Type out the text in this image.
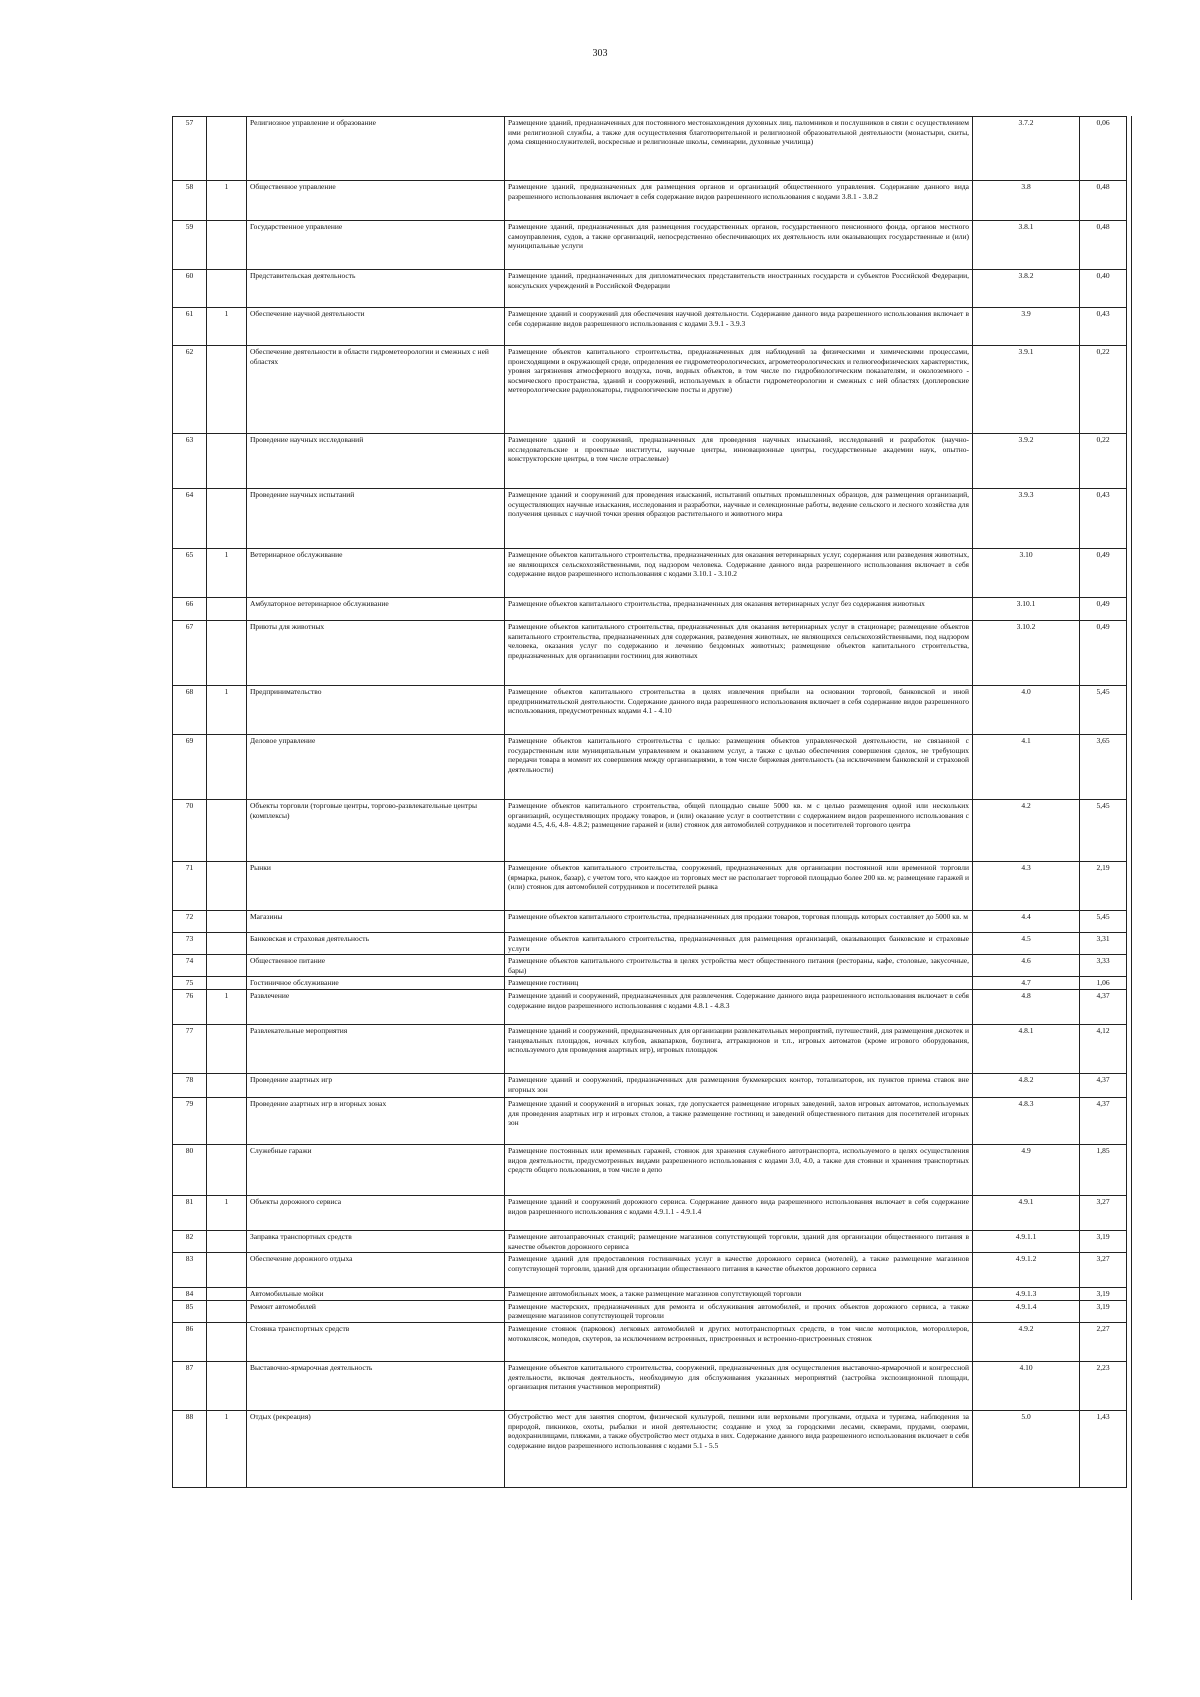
303
57		Религиозное управление и образование	Размещение зданий, предназначенных для постоянного местонахождения духовных лиц, паломников и послушников в связи с осуществлением ими религиозной службы, а также для осуществления благотворительной и религиозной образовательной деятельности (монастыри, скиты, дома священнослужителей, воскресные и религиозные школы, семинарии, духовные училища)	3.7.2	0,06
58	1	Общественное управление	Размещение зданий, предназначенных для размещения органов и организаций общественного управления. Содержание данного вида разрешенного использования включает в себя содержание видов разрешенного использования с кодами 3.8.1 - 3.8.2	3.8	0,48
59		Государственное управление	Размещение зданий, предназначенных для размещения государственных органов, государственного пенсионного фонда, органов местного самоуправления, судов, а также организаций, непосредственно обеспечивающих их деятельность или оказывающих государственные и (или) муниципальные услуги	3.8.1	0,48
60		Представительская деятельность	Размещение зданий, предназначенных для дипломатических представительств иностранных государств и субъектов Российской Федерации, консульских учреждений в Российской Федерации	3.8.2	0,40
61	1	Обеспечение научной деятельности	Размещение зданий и сооружений для обеспечения научной деятельности. Содержание данного вида разрешенного использования включает в себя содержание видов разрешенного использования с кодами 3.9.1 - 3.9.3	3.9	0,43
62		Обеспечение деятельности в области гидрометеорологии и смежных с ней областях	Размещение объектов капитального строительства, предназначенных для наблюдений за физическими и химическими процессами, происходящими в окружающей среде, определения ее гидрометеорологических, агрометеорологических и гелиогеофизических характеристик, уровня загрязнения атмосферного воздуха, почв, водных объектов, в том числе по гидробиологическим показателям, и околоземного - космического пространства, зданий и сооружений, используемых в области гидрометеорологии и смежных с ней областях (доплеровские метеорологические радиолокаторы, гидрологические посты и другие)	3.9.1	0,22
63		Проведение научных исследований	Размещение зданий и сооружений, предназначенных для проведения научных изысканий, исследований и разработок (научно-исследовательские и проектные институты, научные центры, инновационные центры, государственные академии наук, опытно-конструкторские центры, в том числе отраслевые)	3.9.2	0,22
64		Проведение научных испытаний	Размещение зданий и сооружений для проведения изысканий, испытаний опытных промышленных образцов, для размещения организаций, осуществляющих научные изыскания, исследования и разработки, научные и селекционные работы, ведение сельского и лесного хозяйства для получения ценных с научной точки зрения образцов растительного и животного мира	3.9.3	0,43
65	1	Ветеринарное обслуживание	Размещение объектов капитального строительства, предназначенных для оказания ветеринарных услуг, содержания или разведения животных, не являющихся сельскохозяйственными, под надзором человека. Содержание данного вида разрешенного использования включает в себя содержание видов разрешенного использования с кодами 3.10.1 - 3.10.2	3.10	0,49
66		Амбулаторное ветеринарное обслуживание	Размещение объектов капитального строительства, предназначенных для оказания ветеринарных услуг без содержания животных	3.10.1	0,49
67		Приюты для животных	Размещение объектов капитального строительства, предназначенных для оказания ветеринарных услуг в стационаре; размещение объектов капитального строительства, предназначенных для содержания, разведения животных, не являющихся сельскохозяйственными, под надзором человека, оказания услуг по содержанию и лечению бездомных животных; размещение объектов капитального строительства, предназначенных для организации гостиниц для животных	3.10.2	0,49
68	1	Предпринимательство	Размещение объектов капитального строительства в целях извлечения прибыли на основании торговой, банковской и иной предпринимательской деятельности. Содержание данного вида разрешенного использования включает в себя содержание видов разрешенного использования, предусмотренных кодами 4.1 - 4.10	4.0	5,45
69		Деловое управление	Размещение объектов капитального строительства с целью: размещения объектов управленческой деятельности, не связанной с государственным или муниципальным управлением и оказанием услуг, а также с целью обеспечения совершения сделок, не требующих передачи товара в момент их совершения между организациями, в том числе биржевая деятельность (за исключением банковской и страховой деятельности)	4.1	3,65
70		Объекты торговли (торговые центры, торгово-развлекательные центры (комплексы)	Размещение объектов капитального строительства, общей площадью свыше 5000 кв. м с целью размещения одной или нескольких организаций, осуществляющих продажу товаров, и (или) оказание услуг в соответствии с содержанием видов разрешенного использования с кодами 4.5, 4.6, 4.8- 4.8.2; размещение гаражей и (или) стоянок для автомобилей сотрудников и посетителей торгового центра	4.2	5,45
71		Рынки	Размещение объектов капитального строительства, сооружений, предназначенных для организации постоянной или временной торговли (ярмарка, рынок, базар), с учетом того, что каждое из торговых мест не располагает торговой площадью более 200 кв. м; размещение гаражей и (или) стоянок для автомобилей сотрудников и посетителей рынка	4.3	2,19
72		Магазины	Размещение объектов капитального строительства, предназначенных для продажи товаров, торговая площадь которых составляет до 5000 кв. м	4.4	5,45
73		Банковская и страховая деятельность	Размещение объектов капитального строительства, предназначенных для размещения организаций, оказывающих банковские и страховые услуги	4.5	3,31
74		Общественное питание	Размещение объектов капитального строительства в целях устройства мест общественного питания (рестораны, кафе, столовые, закусочные, бары)	4.6	3,33
75		Гостиничное обслуживание	Размещение гостиниц	4.7	1,06
76	1	Развлечение	Размещение зданий и сооружений, предназначенных для развлечения. Содержание данного вида разрешенного использования включает в себя содержание видов разрешенного использования с кодами 4.8.1 - 4.8.3	4.8	4,37
77		Развлекательные мероприятия	Размещение зданий и сооружений, предназначенных для организации развлекательных мероприятий, путешествий, для размещения дискотек и танцевальных площадок, ночных клубов, аквапарков, боулинга, аттракционов и т.п., игровых автоматов (кроме игрового оборудования, используемого для проведения азартных игр), игровых площадок	4.8.1	4,12
78		Проведение азартных игр	Размещение зданий и сооружений, предназначенных для размещения букмекерских контор, тотализаторов, их пунктов приема ставок вне игорных зон	4.8.2	4,37
79		Проведение азартных игр в игорных зонах	Размещение зданий и сооружений в игорных зонах, где допускается размещение игорных заведений, залов игровых автоматов, используемых для проведения азартных игр и игровых столов, а также размещение гостиниц и заведений общественного питания для посетителей игорных зон	4.8.3	4,37
80		Служебные гаражи	Размещение постоянных или временных гаражей, стоянок для хранения служебного автотранспорта, используемого в целях осуществления видов деятельности, предусмотренных видами разрешенного использования с кодами 3.0, 4.0, а также для стоянки и хранения транспортных средств общего пользования, в том числе в депо	4.9	1,85
81	1	Объекты дорожного сервиса	Размещение зданий и сооружений дорожного сервиса. Содержание данного вида разрешенного использования включает в себя содержание видов разрешенного использования с кодами 4.9.1.1 - 4.9.1.4	4.9.1	3,27
82		Заправка транспортных средств	Размещение автозаправочных станций; размещение магазинов сопутствующей торговли, зданий для организации общественного питания в качестве объектов дорожного сервиса	4.9.1.1	3,19
83		Обеспечение дорожного отдыха	Размещение зданий для предоставления гостиничных услуг в качестве дорожного сервиса (мотелей), а также размещение магазинов сопутствующей торговли, зданий для организации общественного питания в качестве объектов дорожного сервиса	4.9.1.2	3,27
84		Автомобильные мойки	Размещение автомобильных моек, а также размещение магазинов сопутствующей торговли	4.9.1.3	3,19
85		Ремонт автомобилей	Размещение мастерских, предназначенных для ремонта и обслуживания автомобилей, и прочих объектов дорожного сервиса, а также размещение магазинов сопутствующей торговли	4.9.1.4	3,19
86		Стоянка транспортных средств	Размещение стоянок (парковок) легковых автомобилей и других мототранспортных средств, в том числе мотоциклов, мотороллеров, мотоколясок, мопедов, скутеров, за исключением встроенных, пристроенных и встроенно-пристроенных стоянок	4.9.2	2,27
87		Выставочно-ярмарочная деятельность	Размещение объектов капитального строительства, сооружений, предназначенных для осуществления выставочно-ярмарочной и конгрессной деятельности, включая деятельность, необходимую для обслуживания указанных мероприятий (застройка экспозиционной площади, организация питания участников мероприятий)	4.10	2,23
88	1	Отдых (рекреация)	Обустройство мест для занятия спортом, физической культурой, пешими или верховыми прогулками, отдыха и туризма, наблюдения за природой, пикников, охоты, рыбалки и иной деятельности; создание и уход за городскими лесами, скверами, прудами, озерами, водохранилищами, пляжами, а также обустройство мест отдыха в них. Содержание данного вида разрешенного использования включает в себя содержание видов разрешенного использования с кодами 5.1 - 5.5	5.0	1,43
